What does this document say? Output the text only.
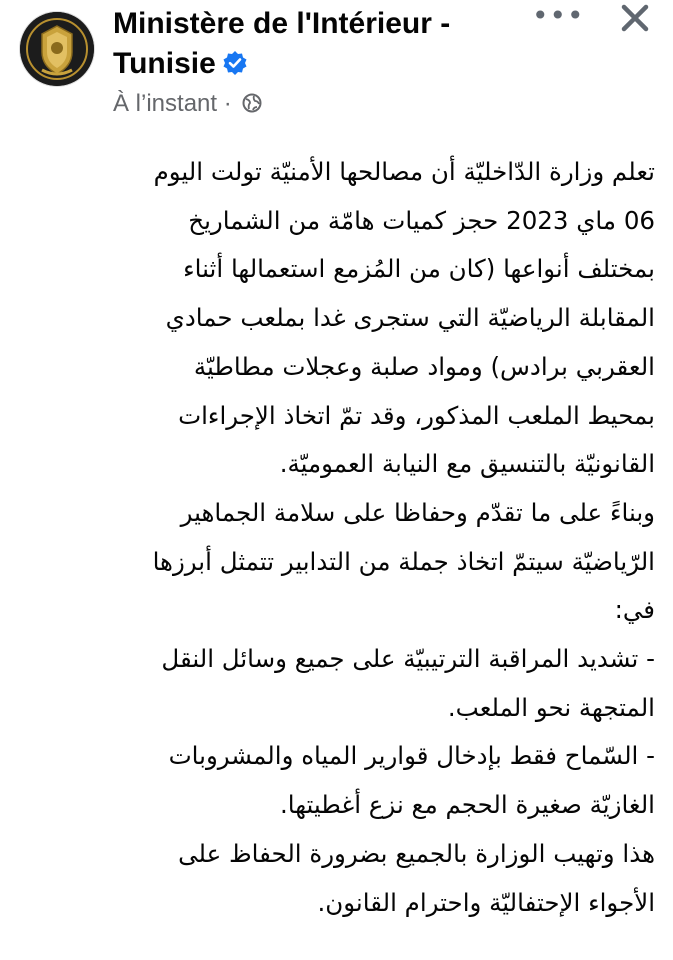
Ministère de l'Intérieur -
Tunisie
À l’instant ·
•••

تعلم وزارة الدّاخليّة أن مصالحها الأمنيّة تولت اليوم

06 ماي 2023 حجز كميات هامّة من الشماريخ

بمختلف أنواعها (كان من المُزمع استعمالها أثناء

المقابلة الرياضيّة التي ستجرى غدا بملعب حمادي

العقربي برادس) ومواد صلبة وعجلات مطاطيّة

بمحيط الملعب المذكور، وقد تمّ اتخاذ الإجراءات

القانونيّة بالتنسيق مع النيابة العموميّة.

وبناءً على ما تقدّم وحفاظا على سلامة الجماهير

الرّياضيّة سيتمّ اتخاذ جملة من التدابير تتمثل أبرزها

في:

- تشديد المراقبة الترتيبيّة على جميع وسائل النقل

المتجهة نحو الملعب.

- السّماح فقط بإدخال قوارير المياه والمشروبات

الغازيّة صغيرة الحجم مع نزع أغطيتها.

هذا وتهيب الوزارة بالجميع بضرورة الحفاظ على

الأجواء الإحتفاليّة واحترام القانون.
